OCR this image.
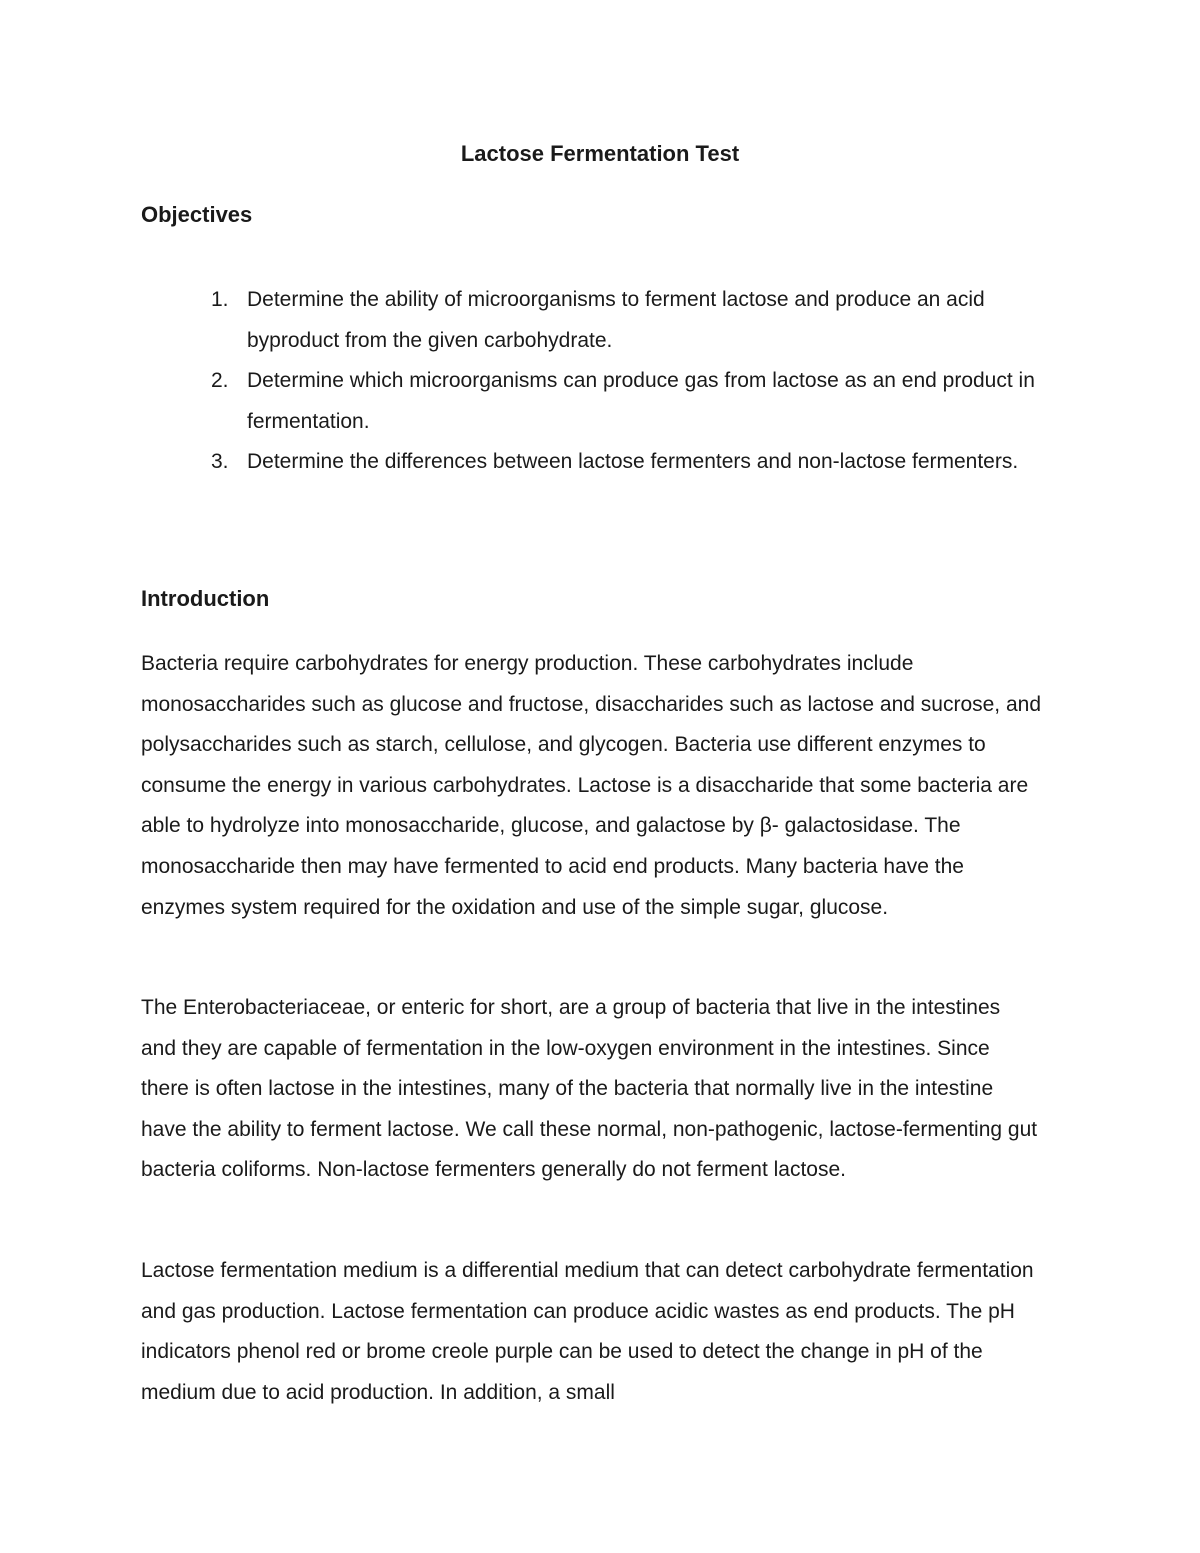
Lactose Fermentation Test
Objectives
1. Determine the ability of microorganisms to ferment lactose and produce an acid byproduct from the given carbohydrate.
2. Determine which microorganisms can produce gas from lactose as an end product in fermentation.
3. Determine the differences between lactose fermenters and non-lactose fermenters.
Introduction

Bacteria require carbohydrates for energy production. These carbohydrates include monosaccharides such as glucose and fructose, disaccharides such as lactose and sucrose, and polysaccharides such as starch, cellulose, and glycogen. Bacteria use different enzymes to consume the energy in various carbohydrates. Lactose is a disaccharide that some bacteria are able to hydrolyze into monosaccharide, glucose, and galactose by β- galactosidase. The monosaccharide then may have fermented to acid end products. Many bacteria have the enzymes system required for the oxidation and use of the simple sugar, glucose.

The Enterobacteriaceae, or enteric for short, are a group of bacteria that live in the intestines and they are capable of fermentation in the low-oxygen environment in the intestines. Since there is often lactose in the intestines, many of the bacteria that normally live in the intestine have the ability to ferment lactose. We call these normal, non-pathogenic, lactose-fermenting gut bacteria coliforms. Non-lactose fermenters generally do not ferment lactose.

Lactose fermentation medium is a differential medium that can detect carbohydrate fermentation and gas production. Lactose fermentation can produce acidic wastes as end products. The pH indicators phenol red or brome creole purple can be used to detect the change in pH of the medium due to acid production. In addition, a small
